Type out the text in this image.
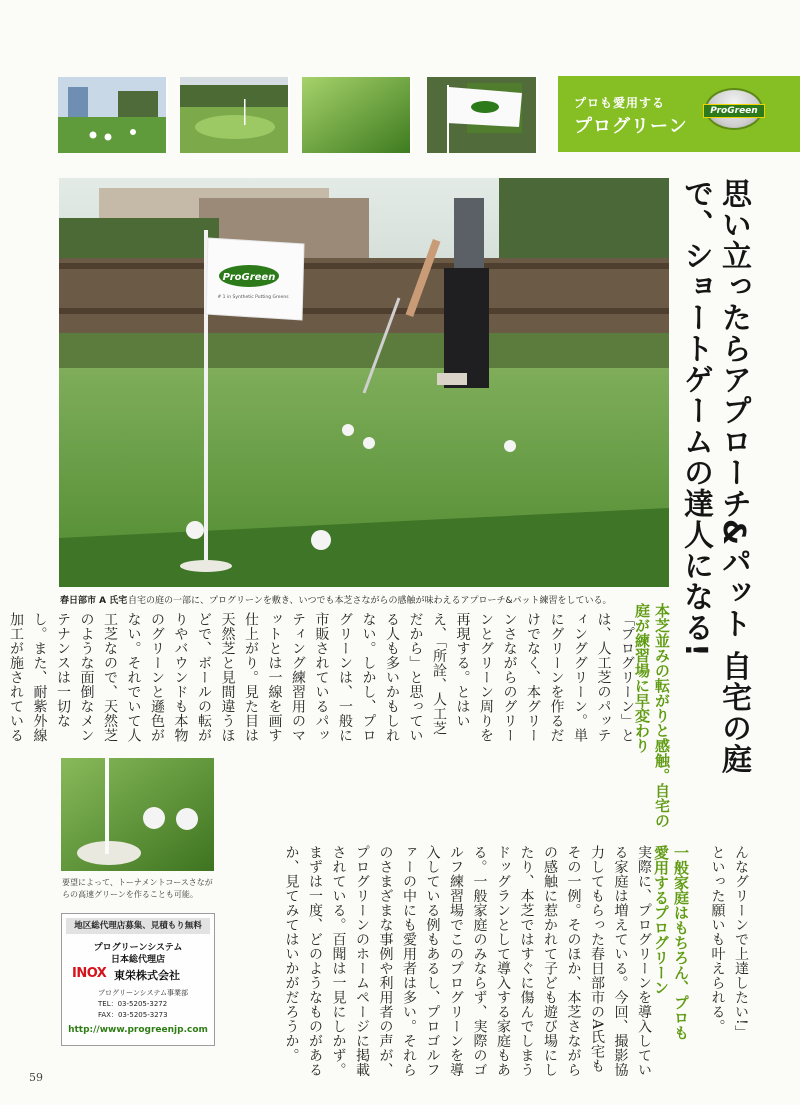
プロも愛用する
プログリーン
ProGreen
ProGreen
# 1 in Synthetic Putting Greens
春日部市 A 氏宅 自宅の庭の一部に、プログリーンを敷き、いつでも本芝さながらの感触が味わえるアプローチ&パット練習をしている。	思い立ったらアプローチ&パット 自宅の庭で、ショートゲームの達人になる!
本芝並みの転がりと感触。自宅の庭が練習場に早変わり
一般家庭はもちろん、プロも愛用するプログリーン
「プログリーン」とは、人工芝のパッティンググリーン。単にグリーンを作るだけでなく、本グリーンさながらのグリーンとグリーン周りを再現する。とはいえ、「所詮、人工芝だから」と思っている人も多いかもしれない。しかし、プログリーンは、一般に市販されているパッティング練習用のマットとは一線を画す仕上がり。見た目は天然芝と見間違うほどで、ボールの転がりやバウンドも本物のグリーンと遜色がない。それでいて人工芝なので、天然芝のような面倒なメンテナンスは一切なし。また、耐紫外線加工が施されている
んなグリーンで上達したい!」といった願いも叶えられる。
実際に、プログリーンを導入している家庭は増えている。今回、撮影協力してもらった春日部市のA氏宅もその一例。そのほか、本芝さながらの感触に惹かれて子ども遊び場にしたり、本芝ではすぐに傷んでしまうドッグランとして導入する家庭もある。一般家庭のみならず、実際のゴルフ練習場でこのプログリーンを導入している例もあるし、プロゴルファーの中にも愛用者は多い。それらのさまざまな事例や利用者の声が、プログリーンのホームページに掲載されている。百聞は一見にしかず。まずは一度、どのようなものがあるか、見てみてはいかがだろうか。
要望によって、トーナメントコースさながらの高速グリーンを作ることも可能。
地区総代理店募集、見積もり無料
プログリーンシステム
日本総代理店
INOX 東栄株式会社
プログリーンシステム事業部
TEL：03-5205-3272
FAX：03-5205-3273
http://www.progreenjp.com
59
